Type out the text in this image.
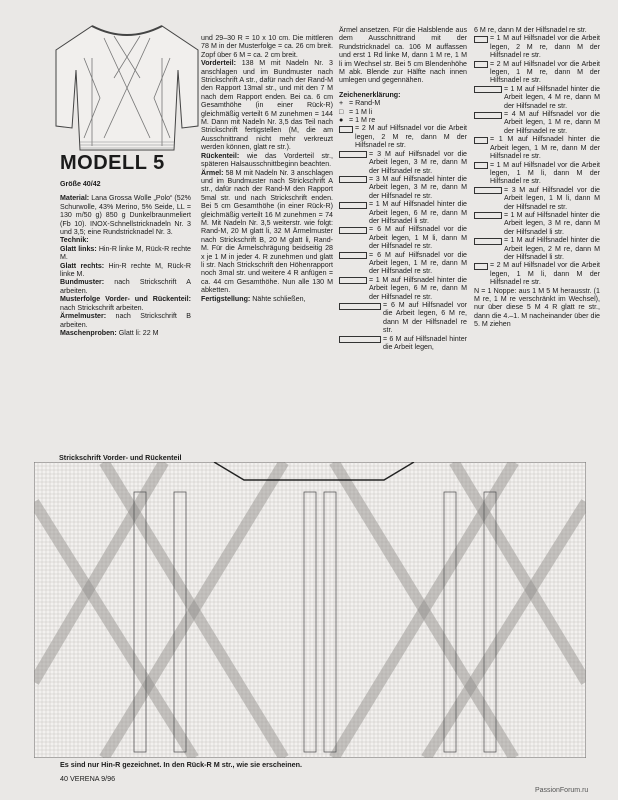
MODELL 5

Größe 40/42

Material: Lana Grossa Wolle „Polo“ (52% Schurwolle, 43% Merino, 5% Seide, LL = 130 m/50 g) 850 g Dunkelbraunmeliert (Fb 10). INOX-Schnellstricknadeln Nr. 3 und 3,5; eine Rundstricknadel Nr. 3.

Technik:

Glatt links: Hin-R linke M, Rück-R rechte M.

Glatt rechts: Hin-R rechte M, Rück-R linke M.

Bundmuster: nach Strickschrift A arbeiten.

Musterfolge Vorder- und Rückenteil: nach Strickschrift arbeiten.

Ärmelmuster: nach Strickschrift B arbeiten.

Maschenproben: Glatt li: 22 M

und 29–30 R = 10 x 10 cm. Die mittleren 78 M in der Musterfolge = ca. 26 cm breit. Zopf über 6 M = ca. 2 cm breit.

Vorderteil: 138 M mit Nadeln Nr. 3 anschlagen und im Bundmuster nach Strickschrift A str., dafür nach der Rand-M den Rapport 13mal str., und mit den 7 M nach dem Rapport enden. Bei ca. 6 cm Gesamthöhe (in einer Rück-R) gleichmäßig verteilt 6 M zunehmen = 144 M. Dann mit Nadeln Nr. 3,5 das Teil nach Strickschrift fertigstellen (M, die am Ausschnittrand nicht mehr verkreuzt werden können, glatt re str.).

Rückenteil: wie das Vorderteil str., späteren Halsausschnittbeginn beachten.

Ärmel: 58 M mit Nadeln Nr. 3 anschlagen und im Bundmuster nach Strickschrift A str., dafür nach der Rand-M den Rapport 5mal str. und nach Strickschrift enden. Bei 5 cm Gesamthöhe (in einer Rück-R) gleichmäßig verteilt 16 M zunehmen = 74 M. Mit Nadeln Nr. 3,5 weiterstr. wie folgt: Rand-M, 20 M glatt li, 32 M Ärmelmuster nach Strickschrift B, 20 M glatt li, Rand-M. Für die Ärmelschrägung beidseitig 28 x je 1 M in jeder 4. R zunehmen und glatt li str. Nach Strickschrift den Höhenrapport noch 3mal str. und weitere 4 R anfügen = ca. 44 cm Gesamthöhe. Nun alle 130 M abketten.

Fertigstellung: Nähte schließen,

Ärmel ansetzen. Für die Halsblende aus dem Ausschnittrand mit der Rundstricknadel ca. 106 M auffassen und erst 1 Rd linke M, dann 1 M re, 1 M li im Wechsel str. Bei 5 cm Blendenhöhe M abk. Blende zur Hälfte nach innen umlegen und gegennähen.

Zeichenerklärung:

+ = Rand-M
□ = 1 M li
● = 1 M re
= 2 M auf Hilfsnadel vor die Arbeit legen, 2 M re, dann M der Hilfsnadel re str.
= 3 M auf Hilfsnadel vor die Arbeit legen, 3 M re, dann M der Hilfsnadel re str.
= 3 M auf Hilfsnadel hinter die Arbeit legen, 3 M re, dann M der Hilfsnadel re str.
= 1 M auf Hilfsnadel hinter die Arbeit legen, 6 M re, dann M der Hilfsnadel li str.
= 6 M auf Hilfsnadel vor die Arbeit legen, 1 M li, dann M der Hilfsnadel re str.
= 6 M auf Hilfsnadel vor die Arbeit legen, 1 M re, dann M der Hilfsnadel re str.
= 1 M auf Hilfsnadel hinter die Arbeit legen, 6 M re, dann M der Hilfsnadel re str.
= 6 M auf Hilfsnadel vor die Arbeit legen, 6 M re, dann M der Hilfsnadel re str.
= 6 M auf Hilfsnadel hinter die Arbeit legen,
6 M re, dann M der Hilfsnadel re str.
= 1 M auf Hilfsnadel vor die Arbeit legen, 2 M re, dann M der Hilfsnadel re str.
= 2 M auf Hilfsnadel vor die Arbeit legen, 1 M re, dann M der Hilfsnadel re str.
= 1 M auf Hilfsnadel hinter die Arbeit legen, 4 M re, dann M der Hilfsnadel re str.
= 4 M auf Hilfsnadel vor die Arbeit legen, 1 M re, dann M der Hilfsnadel re str.
= 1 M auf Hilfsnadel hinter die Arbeit legen, 1 M re, dann M der Hilfsnadel re str.
= 1 M auf Hilfsnadel vor die Arbeit legen, 1 M li, dann M der Hilfsnadel re str.
= 3 M auf Hilfsnadel vor die Arbeit legen, 1 M li, dann M der Hilfsnadel re str.
= 1 M auf Hilfsnadel hinter die Arbeit legen, 3 M re, dann M der Hilfsnadel li str.
= 1 M auf Hilfsnadel hinter die Arbeit legen, 2 M re, dann M der Hilfsnadel li str.
= 2 M auf Hilfsnadel vor die Arbeit legen, 1 M li, dann M der Hilfsnadel re str.
N = 1 Noppe: aus 1 M 5 M herausstr. (1 M re, 1 M re verschränkt im Wechsel), nur über diese 5 M 4 R glatt re str., dann die 4.–1. M nacheinander über die 5. M ziehen
Strickschrift Vorder- und Rückenteil
Es sind nur Hin-R gezeichnet. In den Rück-R M str., wie sie erscheinen.
40 VERENA 9/96
PassionForum.ru
